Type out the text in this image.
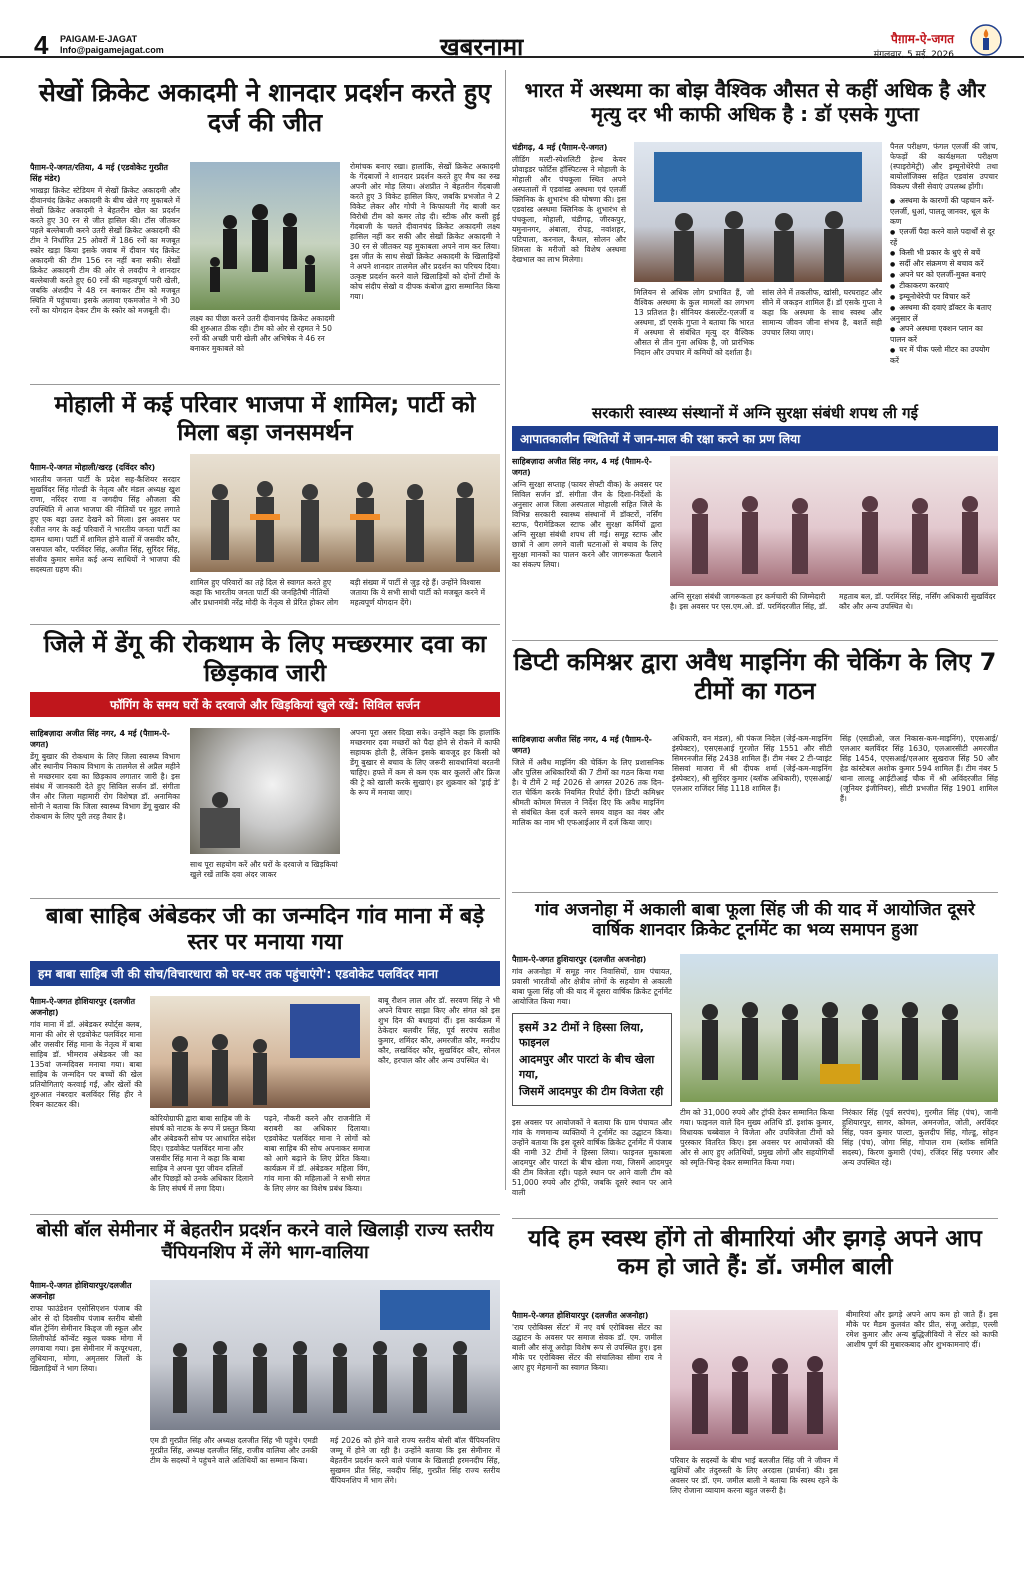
4 PAIGAM-E-JAGAT
Info@paigamejagat.com	खबरनामा	पैग़ाम-ऐ-जगत
मंगलवार, 5 मई, 2026
सेखों क्रिकेट अकादमी ने शानदार प्रदर्शन करते हुए दर्ज की जीत
पैग़ाम-ऐ-जगत/रतिया, 4 मई (एडवोकेट गुरप्रीत सिंह मंडेर)
भाखड़ा क्रिकेट स्टेडियम में सेखों क्रिकेट अकादमी और दीवानचंद क्रिकेट अकादमी के बीच खेले गए मुकाबले में सेखों क्रिकेट अकादमी ने बेहतरीन खेल का प्रदर्शन करते हुए 30 रन से जीत हासिल की। टॉस जीतकर पहले बल्लेबाजी करने उतरी सेखों क्रिकेट अकादमी की टीम ने निर्धारित 25 ओवरों में 186 रनों का मजबूत स्कोर खड़ा किया इसके जवाब में दीवान चंद क्रिकेट अकादमी की टीम 156 रन नहीं बना सकी। सेखों क्रिकेट अकादमी टीम की ओर से लवदीप ने शानदार बल्लेबाजी करते हुए 60 रनों की महत्वपूर्ण पारी खेली, जबकि अंशदीप ने 48 रन बनाकर टीम को मजबूत स्थिति में पहुंचाया। इसके अलावा एकमजोत ने भी 30 रनों का योगदान देकर टीम के स्कोर को मजबूती दी।
लक्ष्य का पीछा करने उतरी दीवानचंद क्रिकेट अकादमी की शुरुआत ठीक रही। टीम को ओर से रहमत ने 50 रनों की अच्छी पारी खेली और अभिषेक ने 46 रन बनाकर मुकाबले को
रोमांचक बनाए रखा। हालांकि, सेखों क्रिकेट अकादमी के गेंदबाजों ने शानदार प्रदर्शन करते हुए मैच का रुख अपनी ओर मोड़ लिया। अंशप्रीत ने बेहतरीन गेंदबाजी करते हुए 3 विकेट हासिल किए, जबकि प्रभजोत ने 2 विकेट लेकर और गोपी ने किफायती गेंद बाजी कर विरोधी टीम को कमर तोड़ दी। स्टीक और कसी हुई गेंदबाजी के चलते दीवानचंद क्रिकेट अकादमी लक्ष्य हासिल नहीं कर सकी और सेखों क्रिकेट अकादमी ने 30 रन से जीतकर यह मुकाबला अपने नाम कर लिया। इस जीत के साथ सेखों क्रिकेट अकादमी के खिलाड़ियों ने अपने शानदार तालमेल और प्रदर्शन का परिचय दिया। उत्कृष्ट प्रदर्शन करने वाले खिलाड़ियों को दोनों टीमों के कोच संदीप सेखो व दीपक कंबोज द्वारा सम्मानित किया गया।
भारत में अस्थमा का बोझ वैश्विक औसत से कहीं अधिक है और मृत्यु दर भी काफी अधिक है : डॉ एसके गुप्ता
चंडीगढ़, 4 मई (पैग़ाम-ऐ-जगत)
लीडिंग मल्टी-स्पेशलिटी हेल्थ केयर प्रोवाइडर फोर्टिस हॉस्पिटल्स ने मोहाली के मोहाली और पंचकूला स्थित अपने अस्पतालों में एडवांस्ड अस्थमा एवं एलर्जी क्लिनिक के शुभारंभ की घोषणा की। इस एडवांस्ड अस्थमा क्लिनिक के शुभारंभ से पंचकूला, मोहाली, चंडीगढ़, जीरकपुर, यमुनानगर, अंबाला, रोपड़, नवांशहर, पटियाला, करनाल, कैथल, सोलन और शिमला के मरीजों को विशेष अस्थमा देखभाल का लाभ मिलेगा।
मिलियन से अधिक लोग प्रभावित हैं, जो वैश्विक अस्थमा के कुल मामलों का लगभग 13 प्रतिशत है। सीनियर कंसल्टेंट-एलर्जी व अस्थमा, डॉ एसके गुप्ता ने बताया कि भारत में अस्थमा से संबंधित मृत्यु दर वैश्विक औसत से तीन गुना अधिक है, जो प्रारंभिक निदान और उपचार में कमियों को दर्शाता है।
सांस लेने में तकलीफ, खांसी, घरघराहट और सीने में जकड़न शामिल हैं। डॉ एसके गुप्ता ने कहा कि अस्थमा के साथ स्वस्थ और सामान्य जीवन जीना संभव है, बशर्ते सही उपचार लिया जाए।
पैनल परीक्षण, फंगल एलर्जी की जांच, फेफड़ों की कार्यक्षमता परीक्षण (स्पाइरोमेट्री) और इम्यूनोथेरेपी तथा बायोलॉजिक्स सहित एडवांस उपचार विकल्प जैसी सेवाएं उपलब्ध होंगी।
● अस्थमा के कारणों की पहचान करें-एलर्जी, धुआं, पालतू जानवर, धूल के कण
● एलर्जी पैदा करने वाले पदार्थों से दूर रहें
● किसी भी प्रकार के धुएं से बचें
● सर्दी और संक्रमण से बचाव करें
● अपने घर को एलर्जी-मुक्त बनाएं
● टीकाकरण करवाएं
● इम्यूनोथेरेपी पर विचार करें
● अस्थमा की दवाएं डॉक्टर के बताए अनुसार लें
● अपने अस्थमा एक्शन प्लान का पालन करें
● घर में पीक फ्लो मीटर का उपयोग करें
मोहाली में कई परिवार भाजपा में शामिल; पार्टी को मिला बड़ा जनसमर्थन
पैग़ाम-ऐ-जगत मोहाली/खरड़ (दविंदर कौर)
भारतीय जनता पार्टी के प्रदेश सह-कैशियर सरदार सुखविंदर सिंह गोल्डी के नेतृत्व और मंडल अध्यक्ष खुश राणा, नरिंदर राणा व जगदीप सिंह औजला की उपस्थिति में आज भाजपा की नीतियों पर मुहर लगाते हुए एक बड़ा उलट देखने को मिला। इस अवसर पर रंजीत नगर के कई परिवारों ने भारतीय जनता पार्टी का दामन थामा। पार्टी में शामिल होने वालों में जसवीर कौर, जसपाल कौर, परविंदर सिंह, अजीत सिंह, सुरिंदर सिंह, संजीव कुमार समेत कई अन्य साथियों ने भाजपा की सदस्यता ग्रहण की।
शामिल हुए परिवारों का तहे दिल से स्वागत करते हुए कहा कि भारतीय जनता पार्टी की जनहितैषी नीतियों और प्रधानमंत्री नरेंद्र मोदी के नेतृत्व से प्रेरित होकर लोग बड़ी संख्या में पार्टी से जुड़ रहे हैं। उन्होंने विश्वास जताया कि ये सभी साथी पार्टी को मजबूत करने में महत्वपूर्ण योगदान देंगे।
सरकारी स्वास्थ्य संस्थानों में अग्नि सुरक्षा संबंधी शपथ ली गई
आपातकालीन स्थितियों में जान-माल की रक्षा करने का प्रण लिया
साहिबज़ादा अजीत सिंह नगर, 4 मई (पैग़ाम-ऐ-जगत)
अग्नि सुरक्षा सप्ताह (फायर सेफ्टी वीक) के अवसर पर सिविल सर्जन डॉ. संगीता जैन के दिशा-निर्देशों के अनुसार आज जिला अस्पताल मोहाली सहित जिले के विभिन्न सरकारी स्वास्थ्य संस्थानों में डॉक्टरों, नर्सिंग स्टाफ, पैरामेडिकल स्टाफ और सुरक्षा कर्मियों द्वारा अग्नि सुरक्षा संबंधी शपथ ली गई। समूह स्टाफ और छात्रों ने आग लगने वाली घटनाओं से बचाव के लिए सुरक्षा मानकों का पालन करने और जागरूकता फैलाने का संकल्प लिया।
अग्नि सुरक्षा संबंधी जागरूकता हर कर्मचारी की जिम्मेदारी है। इस अवसर पर एस.एम.ओ. डॉ. परमिंदरजीत सिंह, डॉ. महताब बल, डॉ. परमिंदर सिंह, नर्सिंग अधिकारी सुखविंदर कौर और अन्य उपस्थित थे।
जिले में डेंगू की रोकथाम के लिए मच्छरमार दवा का छिड़काव जारी
फॉगिंग के समय घरों के दरवाजे और खिड़कियां खुले रखें: सिविल सर्जन
साहिबज़ादा अजीत सिंह नगर, 4 मई (पैग़ाम-ऐ-जगत)
डेंगू बुखार की रोकथाम के लिए जिला स्वास्थ्य विभाग और स्थानीय निकाय विभाग के तालमेल से अप्रैल महीने से मच्छरमार दवा का छिड़काव लगातार जारी है। इस संबंध में जानकारी देते हुए सिविल सर्जन डॉ. संगीता जैन और जिला महामारी रोग विशेषज्ञ डॉ. अनामिका सोनी ने बताया कि जिला स्वास्थ्य विभाग डेंगू बुखार की रोकथाम के लिए पूरी तरह तैयार है।
साथ पूरा सहयोग करें और घरों के दरवाजे व खिड़कियां खुले रखें ताकि दवा अंदर जाकर
अपना पूरा असर दिखा सके। उन्होंने कहा कि हालांकि मच्छरमार दवा मच्छरों को पैदा होने से रोकने में काफी सहायक होती है, लेकिन इसके बावजूद हर किसी को डेंगू बुखार से बचाव के लिए जरूरी सावधानियां बरतनी चाहिए। हफ्ते में कम से कम एक बार कूलरों और फ्रिज की ट्रे को खाली करके सुखाएं। हर शुक्रवार को 'ड्राई डे' के रूप में मनाया जाए।
डिप्टी कमिश्नर द्वारा अवैध माइनिंग की चेकिंग के लिए 7 टीमों का गठन
साहिबज़ादा अजीत सिंह नगर, 4 मई (पैग़ाम-ऐ-जगत)
जिले में अवैध माइनिंग की चेकिंग के लिए प्रशासनिक और पुलिस अधिकारियों की 7 टीमों का गठन किया गया है। ये टीमें 2 मई 2026 से अगस्त 2026 तक दिन-रात चेकिंग करके नियमित रिपोर्ट देंगी। डिप्टी कमिश्नर श्रीमती कोमल मित्तल ने निर्देश दिए कि अवैध माइनिंग से संबंधित केस दर्ज करने समय वाहन का नंबर और मालिक का नाम भी एफआईआर में दर्ज किया जाए।
अधिकारी, वन मंडल), श्री पंकज निदेल (जेई-कम-माइनिंग इंस्पेक्टर), एसएसआई गुरजोत सिंह 1551 और सीटी सिमरनजीत सिंह 2438 शामिल हैं। टीम नंबर 2 टी-प्वाइंट सिसवां माजरा में श्री दीपक शर्मा (जेई-कम-माइनिंग इंस्पेक्टर), श्री सुरिंदर कुमार (ब्लॉक अधिकारी), एएसआई/एलआर राजिंदर सिंह 1118 शामिल हैं।
सिंह (एसडीओ, जल निकास-कम-माइनिंग), एएसआई/एलआर बलविंदर सिंह 1630, एलआरसीटी अमरजीत सिंह 1454, एएसआई/एलआर सुखराज सिंह 50 और हेड कांस्टेबल अशोक कुमार 594 शामिल हैं। टीम नंबर 5 थाना लालडू आईटीआई चौक में श्री अविंदरजीत सिंह (जूनियर इंजीनियर), सीटी प्रभजीत सिंह 1901 शामिल हैं।
बाबा साहिब अंबेडकर जी का जन्मदिन गांव माना में बड़े स्तर पर मनाया गया
हम बाबा साहिब जी की सोच/विचारधारा को घर-घर तक पहुंचाएंगे': एडवोकेट पलविंदर माना
पैग़ाम-ऐ-जगत होशियारपुर (दलजीत अजनोहा)
गांव माना में डॉ. अंबेडकर स्पोर्ट्स क्लब, माना की ओर से एडवोकेट पलविंदर माना और जसवीर सिंह माना के नेतृत्व में बाबा साहिब डॉ. भीमराव अंबेडकर जी का 135वां जन्मदिवस मनाया गया। बाबा साहिब के जन्मदिन पर बच्चों की खेल प्रतियोगिताएं करवाई गईं, और खेलों की शुरुआत नंबरदार बलविंदर सिंह हीर ने रिबन काटकर की।
कोरियोग्राफी द्वारा बाबा साहिब जी के संघर्ष को नाटक के रूप में प्रस्तुत किया और अंबेडकरी सोच पर आधारित संदेश दिए। एडवोकेट पलविंदर माना और जसवीर सिंह माना ने कहा कि बाबा साहिब ने अपना पूरा जीवन दलितों और पिछड़ों को उनके अधिकार दिलाने के लिए संघर्ष में लगा दिया।
पढ़ने, नौकरी करने और राजनीति में बराबरी का अधिकार दिलाया। एडवोकेट पलविंदर माना ने लोगों को बाबा साहिब की सोच अपनाकर समाज को आगे बढ़ाने के लिए प्रेरित किया। कार्यक्रम में डॉ. अंबेडकर महिला विंग, गांव माना की महिलाओं ने सभी संगत के लिए लंगर का विशेष प्रबंध किया।
बाबू रौशन लाल और डॉ. सरवण सिंह ने भी अपने विचार साझा किए और संगत को इस शुभ दिन की बधाइयां दीं। इस कार्यक्रम में ठेकेदार बलवीर सिंह, पूर्व सरपंच सतीश कुमार, शमिंदर कौर, अमरजीत कौर, मनदीप कौर, लखविंदर कौर, सुखविंदर कौर, सोनल कौर, हरपाल कौर और अन्य उपस्थित थे।
गांव अजनोहा में अकाली बाबा फूला सिंह जी की याद में आयोजित दूसरे वार्षिक शानदार क्रिकेट टूर्नामेंट का भव्य समापन हुआ
पैग़ाम-ऐ-जगत हुशियारपुर (दलजीत अजनोहा)
गांव अजनोहा में समूह नगर निवासियों, ग्राम पंचायत, प्रवासी भारतीयों और क्षेत्रीय लोगों के सहयोग से अकाली बाबा फूला सिंह जी की याद में दूसरा वार्षिक क्रिकेट टूर्नामेंट आयोजित किया गया।
इसमें 32 टीमों ने हिस्सा लिया, फाइनल
आदमपुर और पारटां के बीच खेला गया,
जिसमें आदमपुर की टीम विजेता रही
इस अवसर पर आयोजकों ने बताया कि ग्राम पंचायत और गांव के गणमान्य व्यक्तियों ने टूर्नामेंट का उद्घाटन किया। उन्होंने बताया कि इस दूसरे वार्षिक क्रिकेट टूर्नामेंट में पंजाब की नामी 32 टीमों ने हिस्सा लिया। फाइनल मुकाबला आदमपुर और पारटां के बीच खेला गया, जिसमें आदमपुर की टीम विजेता रही। पहले स्थान पर आने वाली टीम को 51,000 रुपये और ट्रॉफी, जबकि दूसरे स्थान पर आने वाली
टीम को 31,000 रुपये और ट्रॉफी देकर सम्मानित किया गया। फाइनल वाले दिन मुख्य अतिथि डॉ. इशांक कुमार, विधायक चब्बेवाल ने विजेता और उपविजेता टीमों को पुरस्कार वितरित किए। इस अवसर पर आयोजकों की ओर से आए हुए अतिथियों, प्रमुख लोगों और सहयोगियों को स्मृति-चिन्ह देकर सम्मानित किया गया।
निरंकार सिंह (पूर्व सरपंच), गुरमीत सिंह (पंच), जानी हुशियारपुर, सागर, कोमल, अमनजोत, जोती, अरविंदर सिंह, पवन कुमार पाल्टा, कुलदीप सिंह, गोल्डू, सोहन सिंह (पंच), जोगा सिंह, गोपाल राम (ब्लॉक समिति सदस्य), किरण कुमारी (पंच), रजिंदर सिंह परमार और अन्य उपस्थित रहे।
बोसी बॉल सेमीनार में बेहतरीन प्रदर्शन करने वाले खिलाड़ी राज्य स्तरीय चैंपियनशिप में लेंगे भाग-वालिया
पैग़ाम-ऐ-जगत होशियारपुर/दलजीत अजनोहा
राफा फाउंडेशन एसोसिएशन पंजाब की ओर से दो दिवसीय पंजाब स्तरीय बोसी बॉल ट्रेनिंग सेमीनार किड्ज जी स्कूल और लिलीफोर्ड कॉन्वेंट स्कूल चक्क मोगा में लगवाया गया। इस सेमीनार में कपूरथला, लुधियाना, मोगा, अमृतसर जिलों के खिलाड़ियों ने भाग लिया।
एम डी गुरप्रीत सिंह और अध्यक्ष दलजीत सिंह भी पहुंचे। एमडी गुरप्रीत सिंह, अध्यक्ष दलजीत सिंह, राजीव वालिया और उनकी टीम के सदस्यों ने पहुंचने वाले अतिथियों का सम्मान किया।
मई 2026 को होने वाले राज्य स्तरीय बोसी बॉल चैंपियनशिप जम्मू में होने जा रही है। उन्होंने बताया कि इस सेमीनार में बेहतरीन प्रदर्शन करने वाले पंजाब के खिलाड़ी हरमनदीप सिंह, सुखमन प्रीत सिंह, नवदीप सिंह, गुरप्रीत सिंह राज्य स्तरीय चैंपियनशिप में भाग लेंगे।
यदि हम स्वस्थ होंगे तो बीमारियां और झगड़े अपने आप कम हो जाते हैं: डॉ. जमील बाली
पैग़ाम-ऐ-जगत होशियारपुर (दलजीत अजनोहा)
'राय एरोबिक्स सेंटर' में नए वर्ष एरोबिक्स सेंटर का उद्घाटन के अवसर पर समाज सेवक डॉ. एम. जमील बाली और संजू अरोड़ा विशेष रूप से उपस्थित हुए। इस मौके पर एरोबिक्स सेंटर की संचालिका सीमा राय ने आए हुए मेहमानों का स्वागत किया।
परिवार के सदस्यों के बीच भाई बलजीत सिंह जी ने जीवन में खुशियों और तंदुरुस्ती के लिए अरदास (प्रार्थना) की। इस अवसर पर डॉ. एम. जमील बाली ने बताया कि स्वस्थ रहने के लिए रोजाना व्यायाम करना बहुत जरूरी है।
बीमारियां और झगड़े अपने आप कम हो जाते हैं। इस मौके पर मैडम कुलवंत कौर प्रीत, संजू अरोड़ा, एल्ली रमेश कुमार और अन्य बुद्धिजीवियों ने सेंटर को काफी आशीष पूर्ण की मुबारकबाद और शुभकामनाएं दीं।
